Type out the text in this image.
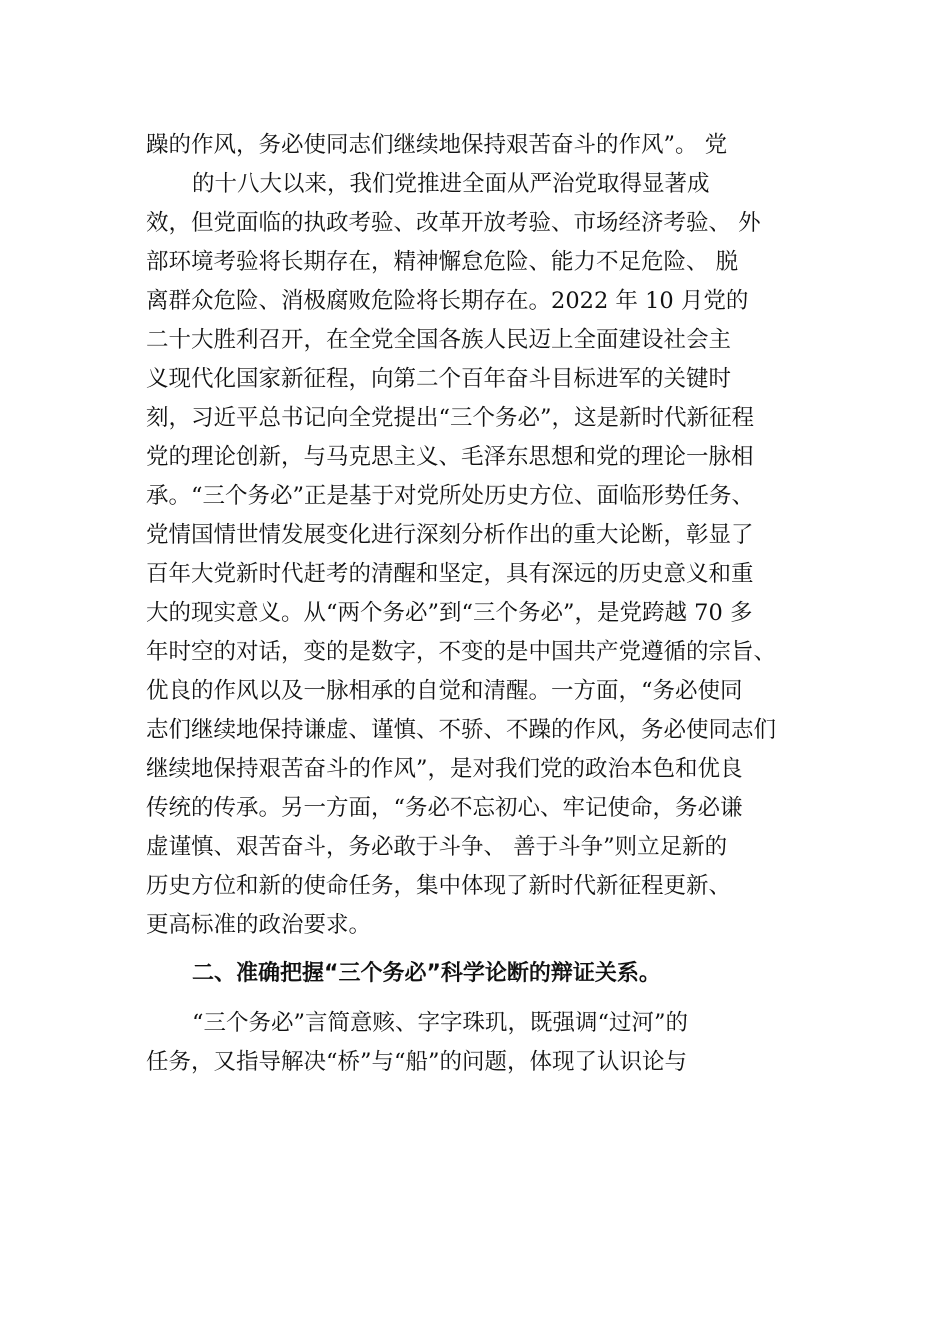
躁的作风，务必使同志们继续地保持艰苦奋斗的作风”。 党
的十八大以来，我们党推进全面从严治党取得显著成
效，但党面临的执政考验、改革开放考验、市场经济考验、 外
部环境考验将长期存在，精神懈怠危险、能力不足危险、 脱
离群众危险、消极腐败危险将长期存在。2022 年 10 月党的
二十大胜利召开，在全党全国各族人民迈上全面建设社会主
义现代化国家新征程，向第二个百年奋斗目标进军的关键时
刻，习近平总书记向全党提出“三个务必”，这是新时代新征程
党的理论创新，与马克思主义、毛泽东思想和党的理论一脉相
承。“三个务必”正是基于对党所处历史方位、面临形势任务、
党情国情世情发展变化进行深刻分析作出的重大论断，彰显了
百年大党新时代赶考的清醒和坚定，具有深远的历史意义和重
大的现实意义。从“两个务必”到“三个务必”，是党跨越 70 多
年时空的对话，变的是数字，不变的是中国共产党遵循的宗旨、
优良的作风以及一脉相承的自觉和清醒。一方面，“务必使同
志们继续地保持谦虚、谨慎、不骄、不躁的作风，务必使同志们
继续地保持艰苦奋斗的作风”，是对我们党的政治本色和优良
传统的传承。另一方面，“务必不忘初心、牢记使命，务必谦
虚谨慎、艰苦奋斗，务必敢于斗争、 善于斗争”则立足新的
历史方位和新的使命任务，集中体现了新时代新征程更新、
更高标准的政治要求。
二、准确把握“三个务必”科学论断的辩证关系。
“三个务必”言简意赅、字字珠玑，既强调“过河”的
任务，又指导解决“桥”与“船”的问题，体现了认识论与
